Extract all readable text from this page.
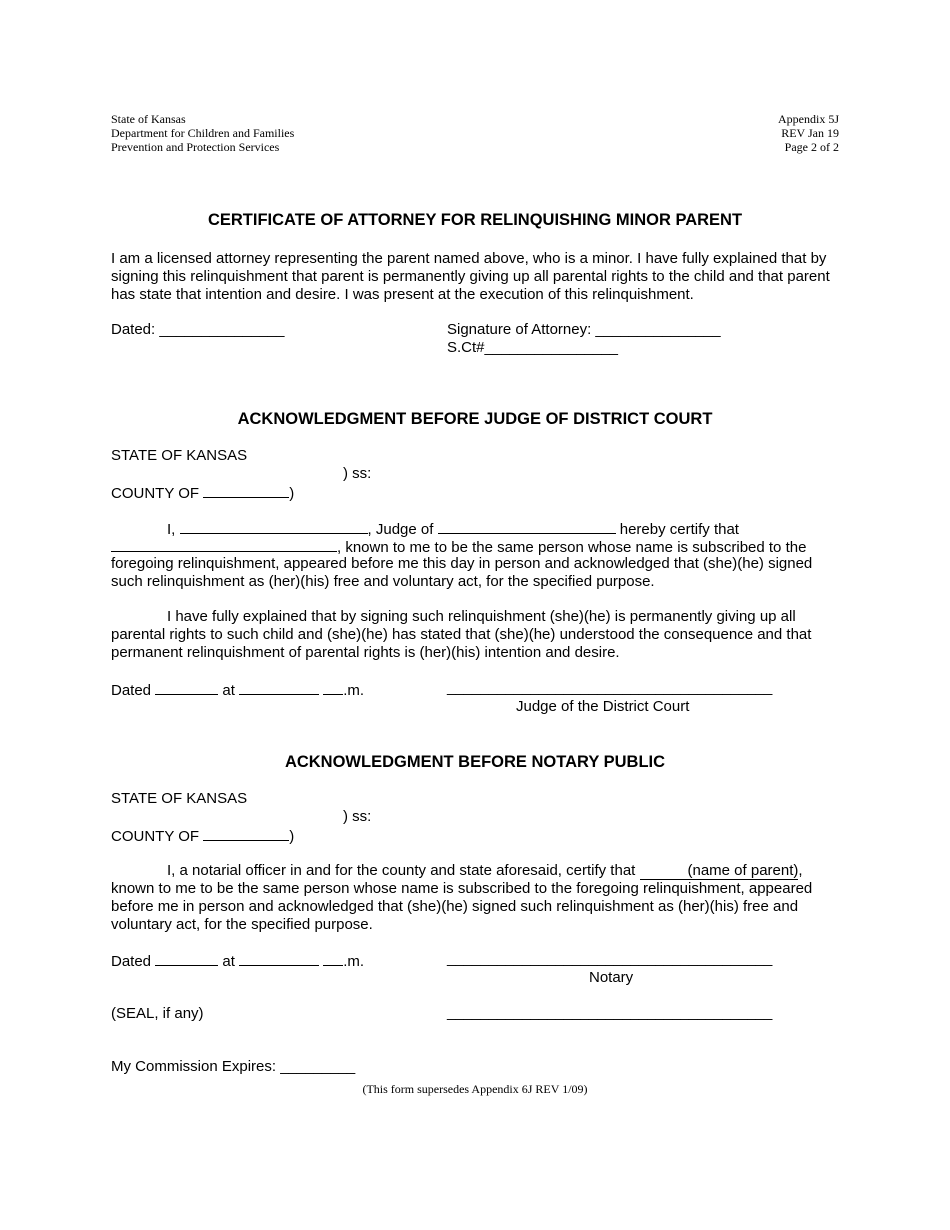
State of Kansas
Department for Children and Families
Prevention and Protection Services
Appendix 5J
REV Jan 19
Page 2 of 2
CERTIFICATE OF ATTORNEY FOR RELINQUISHING MINOR PARENT
I am a licensed attorney representing the parent named above, who is a minor. I have fully explained that by signing this relinquishment that parent is permanently giving up all parental rights to the child and that parent has state that intention and desire. I was present at the execution of this relinquishment.
Dated: _______________	Signature of Attorney: _______________
S.Ct#________________
ACKNOWLEDGMENT BEFORE JUDGE OF DISTRICT COURT
STATE OF KANSAS
) ss:
COUNTY OF	)
I,	, Judge of	hereby certify that
, known to me to be the same person whose name is subscribed to the
foregoing relinquishment, appeared before me this day in person and acknowledged that (she)(he) signed such relinquishment as (her)(his) free and voluntary act, for the specified purpose.
I have fully explained that by signing such relinquishment (she)(he) is permanently giving up all parental rights to such child and (she)(he) has stated that (she)(he) understood the consequence and that permanent relinquishment of parental rights is (her)(his) intention and desire.
Dated	at	.m.	_______________________________________
Judge of the District Court
ACKNOWLEDGMENT BEFORE NOTARY PUBLIC
STATE OF KANSAS
) ss:
COUNTY OF	)
I, a notarial officer in and for the county and state aforesaid, certify that	(name of parent),
known to me to be the same person whose name is subscribed to the foregoing relinquishment, appeared before me in person and acknowledged that (she)(he) signed such relinquishment as (her)(his) free and voluntary act, for the specified purpose.
Dated	at	.m.	_______________________________________
Notary
(SEAL, if any)	_______________________________________
My Commission Expires: _________
(This form supersedes Appendix 6J REV 1/09)
